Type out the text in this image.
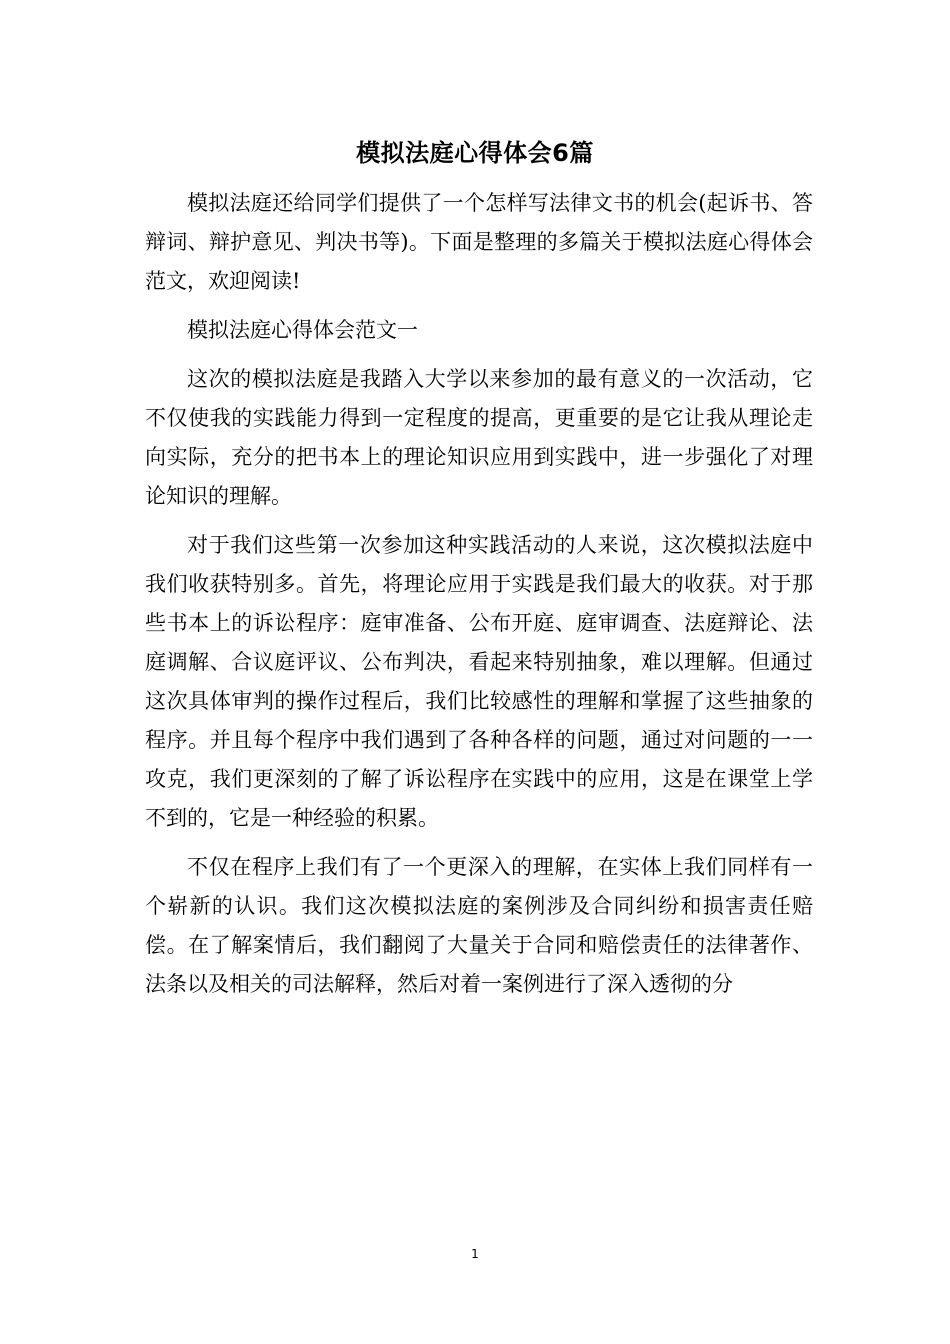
模拟法庭心得体会6篇

模拟法庭还给同学们提供了一个怎样写法律文书的机会(起诉书、答辩词、辩护意见、判决书等)。下面是整理的多篇关于模拟法庭心得体会范文，欢迎阅读!

模拟法庭心得体会范文一

这次的模拟法庭是我踏入大学以来参加的最有意义的一次活动，它不仅使我的实践能力得到一定程度的提高，更重要的是它让我从理论走向实际，充分的把书本上的理论知识应用到实践中，进一步强化了对理论知识的理解。

对于我们这些第一次参加这种实践活动的人来说，这次模拟法庭中我们收获特别多。首先，将理论应用于实践是我们最大的收获。对于那些书本上的诉讼程序：庭审准备、公布开庭、庭审调查、法庭辩论、法庭调解、合议庭评议、公布判决，看起来特别抽象，难以理解。但通过这次具体审判的操作过程后，我们比较感性的理解和掌握了这些抽象的程序。并且每个程序中我们遇到了各种各样的问题，通过对问题的一一攻克，我们更深刻的了解了诉讼程序在实践中的应用，这是在课堂上学不到的，它是一种经验的积累。

不仅在程序上我们有了一个更深入的理解，在实体上我们同样有一个崭新的认识。我们这次模拟法庭的案例涉及合同纠纷和损害责任赔偿。在了解案情后，我们翻阅了大量关于合同和赔偿责任的法律著作、法条以及相关的司法解释，然后对着一案例进行了深入透彻的分

1
